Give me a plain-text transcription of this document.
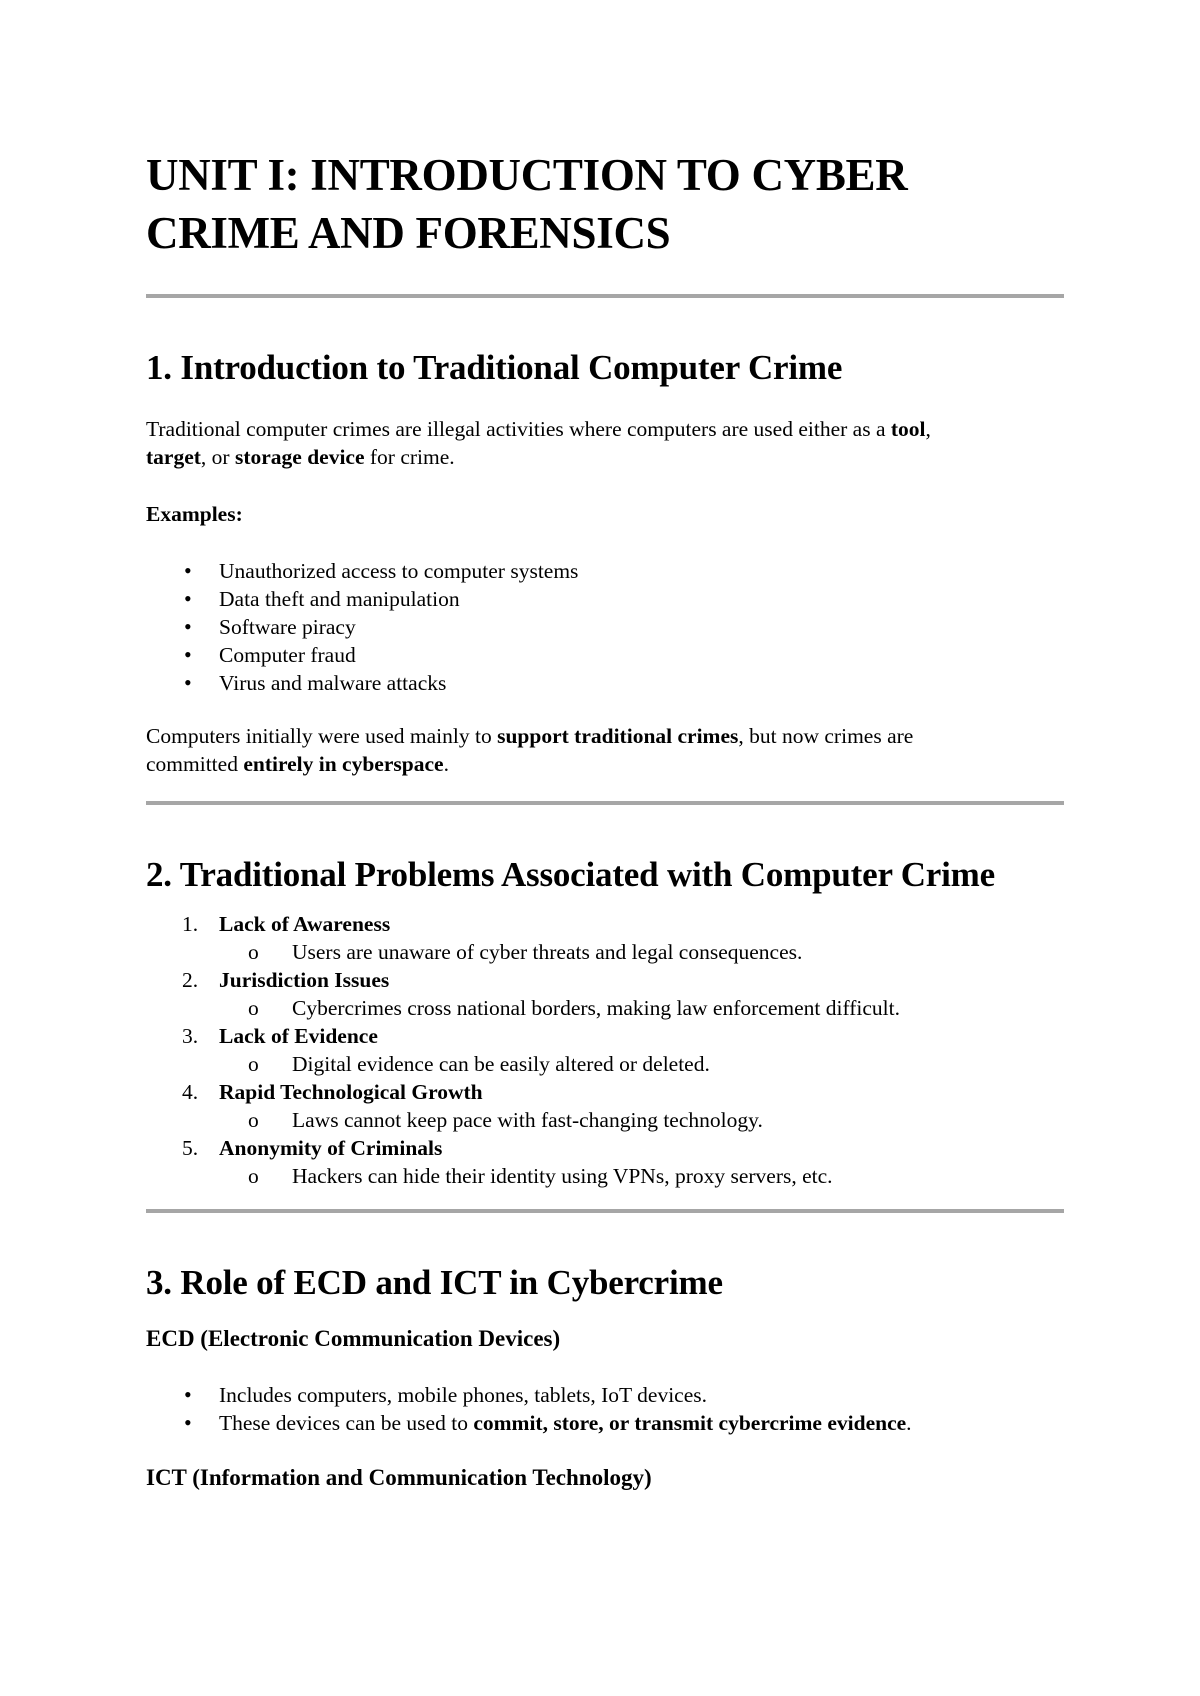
UNIT I: INTRODUCTION TO CYBER
CRIME AND FORENSICS
1. Introduction to Traditional Computer Crime

Traditional computer crimes are illegal activities where computers are used either as a tool,
target, or storage device for crime.

Examples:

• Unauthorized access to computer systems
• Data theft and manipulation
• Software piracy
• Computer fraud
• Virus and malware attacks

Computers initially were used mainly to support traditional crimes, but now crimes are
committed entirely in cyberspace.

2. Traditional Problems Associated with Computer Crime
1. Lack of Awareness
o	Users are unaware of cyber threats and legal consequences.
2. Jurisdiction Issues
o	Cybercrimes cross national borders, making law enforcement difficult.
3. Lack of Evidence
o	Digital evidence can be easily altered or deleted.
4. Rapid Technological Growth
o	Laws cannot keep pace with fast-changing technology.
5. Anonymity of Criminals
o	Hackers can hide their identity using VPNs, proxy servers, etc.
3. Role of ECD and ICT in Cybercrime
ECD (Electronic Communication Devices)
• Includes computers, mobile phones, tablets, IoT devices.
• These devices can be used to commit, store, or transmit cybercrime evidence.
ICT (Information and Communication Technology)
